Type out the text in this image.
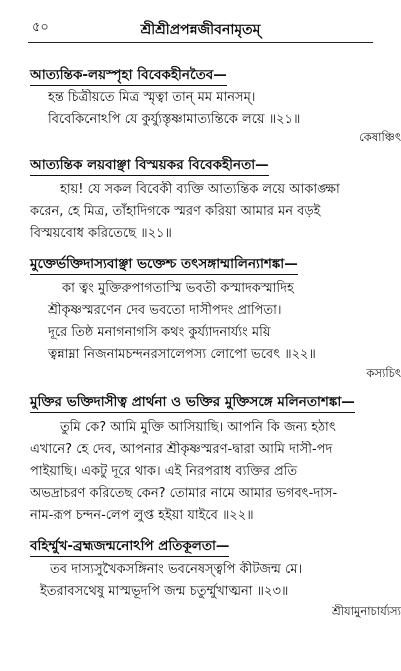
শ্রীশ্রীপ্রপন্নজীবনামৃতম্
৫০
আত্যন্তিক-লয়স্পৃহা বিবেকহীনতৈব—
হন্ত চিত্রীয়তে মিত্র স্মৃত্বা তান্ মম মানসম্।
বিবেকিনোঽপি যে কুর্য্যুস্তৃষ্ণামাত্যন্তিকে লয়ে ॥২১॥
কেষাঞ্চিৎ
আত্যন্তিক লয়বাঞ্ছা বিস্ময়কর বিবেকহীনতা—
হায়! যে সকল বিবেকী ব্যক্তি আত্যন্তিক লয়ে আকাঙ্ক্ষা
করেন, হে মিত্র, তাঁহাদিগকে স্মরণ করিয়া আমার মন বড়ই
বিস্ময়বোধ করিতেছে ॥২১॥
মুক্তেৰ্ভক্তিদাস্যবাঞ্ছা ভক্তেশ্চ তৎসঙ্গাম্মালিন্যাশঙ্কা—
কা ত্বং মুক্তিরুপাগতাস্মি ভবতী কস্মাদকস্মাদিহ
শ্রীকৃষ্ণস্মরণেন দেব ভবতো দাসীপদং প্রাপিতা।
দূরে তিষ্ঠ মনাগনাগসি কথং কুর্য্যাদনার্য্যং ময়ি
ত্বন্নাম্না নিজনামচন্দনরসালেপস্য লোপো ভবেৎ ॥২২॥
কস্যচিৎ
মুক্তির ভক্তিদাসীত্ব প্রার্থনা ও ভক্তির মুক্তিসঙ্গে মলিনতাশঙ্কা—
তুমি কে? আমি মুক্তি আসিয়াছি। আপনি কি জন্য হঠাৎ
এখানে? হে দেব, আপনার শ্রীকৃষ্ণস্মরণ-দ্বারা আমি দাসী-পদ
পাইয়াছি। একটু দূরে থাক। এই নিরপরাধ ব্যক্তির প্রতি
অভদ্রাচরণ করিতেছ কেন? তোমার নামে আমার ভগবৎ-দাস-
নাম-রূপ চন্দন-লেপ লুপ্ত হইয়া যাইবে ॥২২॥
বহির্ম্মুখ-ব্রহ্মজন্মনোঽপি প্রতিকূলতা—
তব দাস্যসুখৈকসঙ্গিনাং ভবনেষস্ত্বপি কীটজন্ম মে।
ইতরাবসথেষু মাস্মভূদপি জন্ম চতুর্ম্মুখাত্মনা ॥২৩॥
শ্রীযামুনাচার্য্যস্য
